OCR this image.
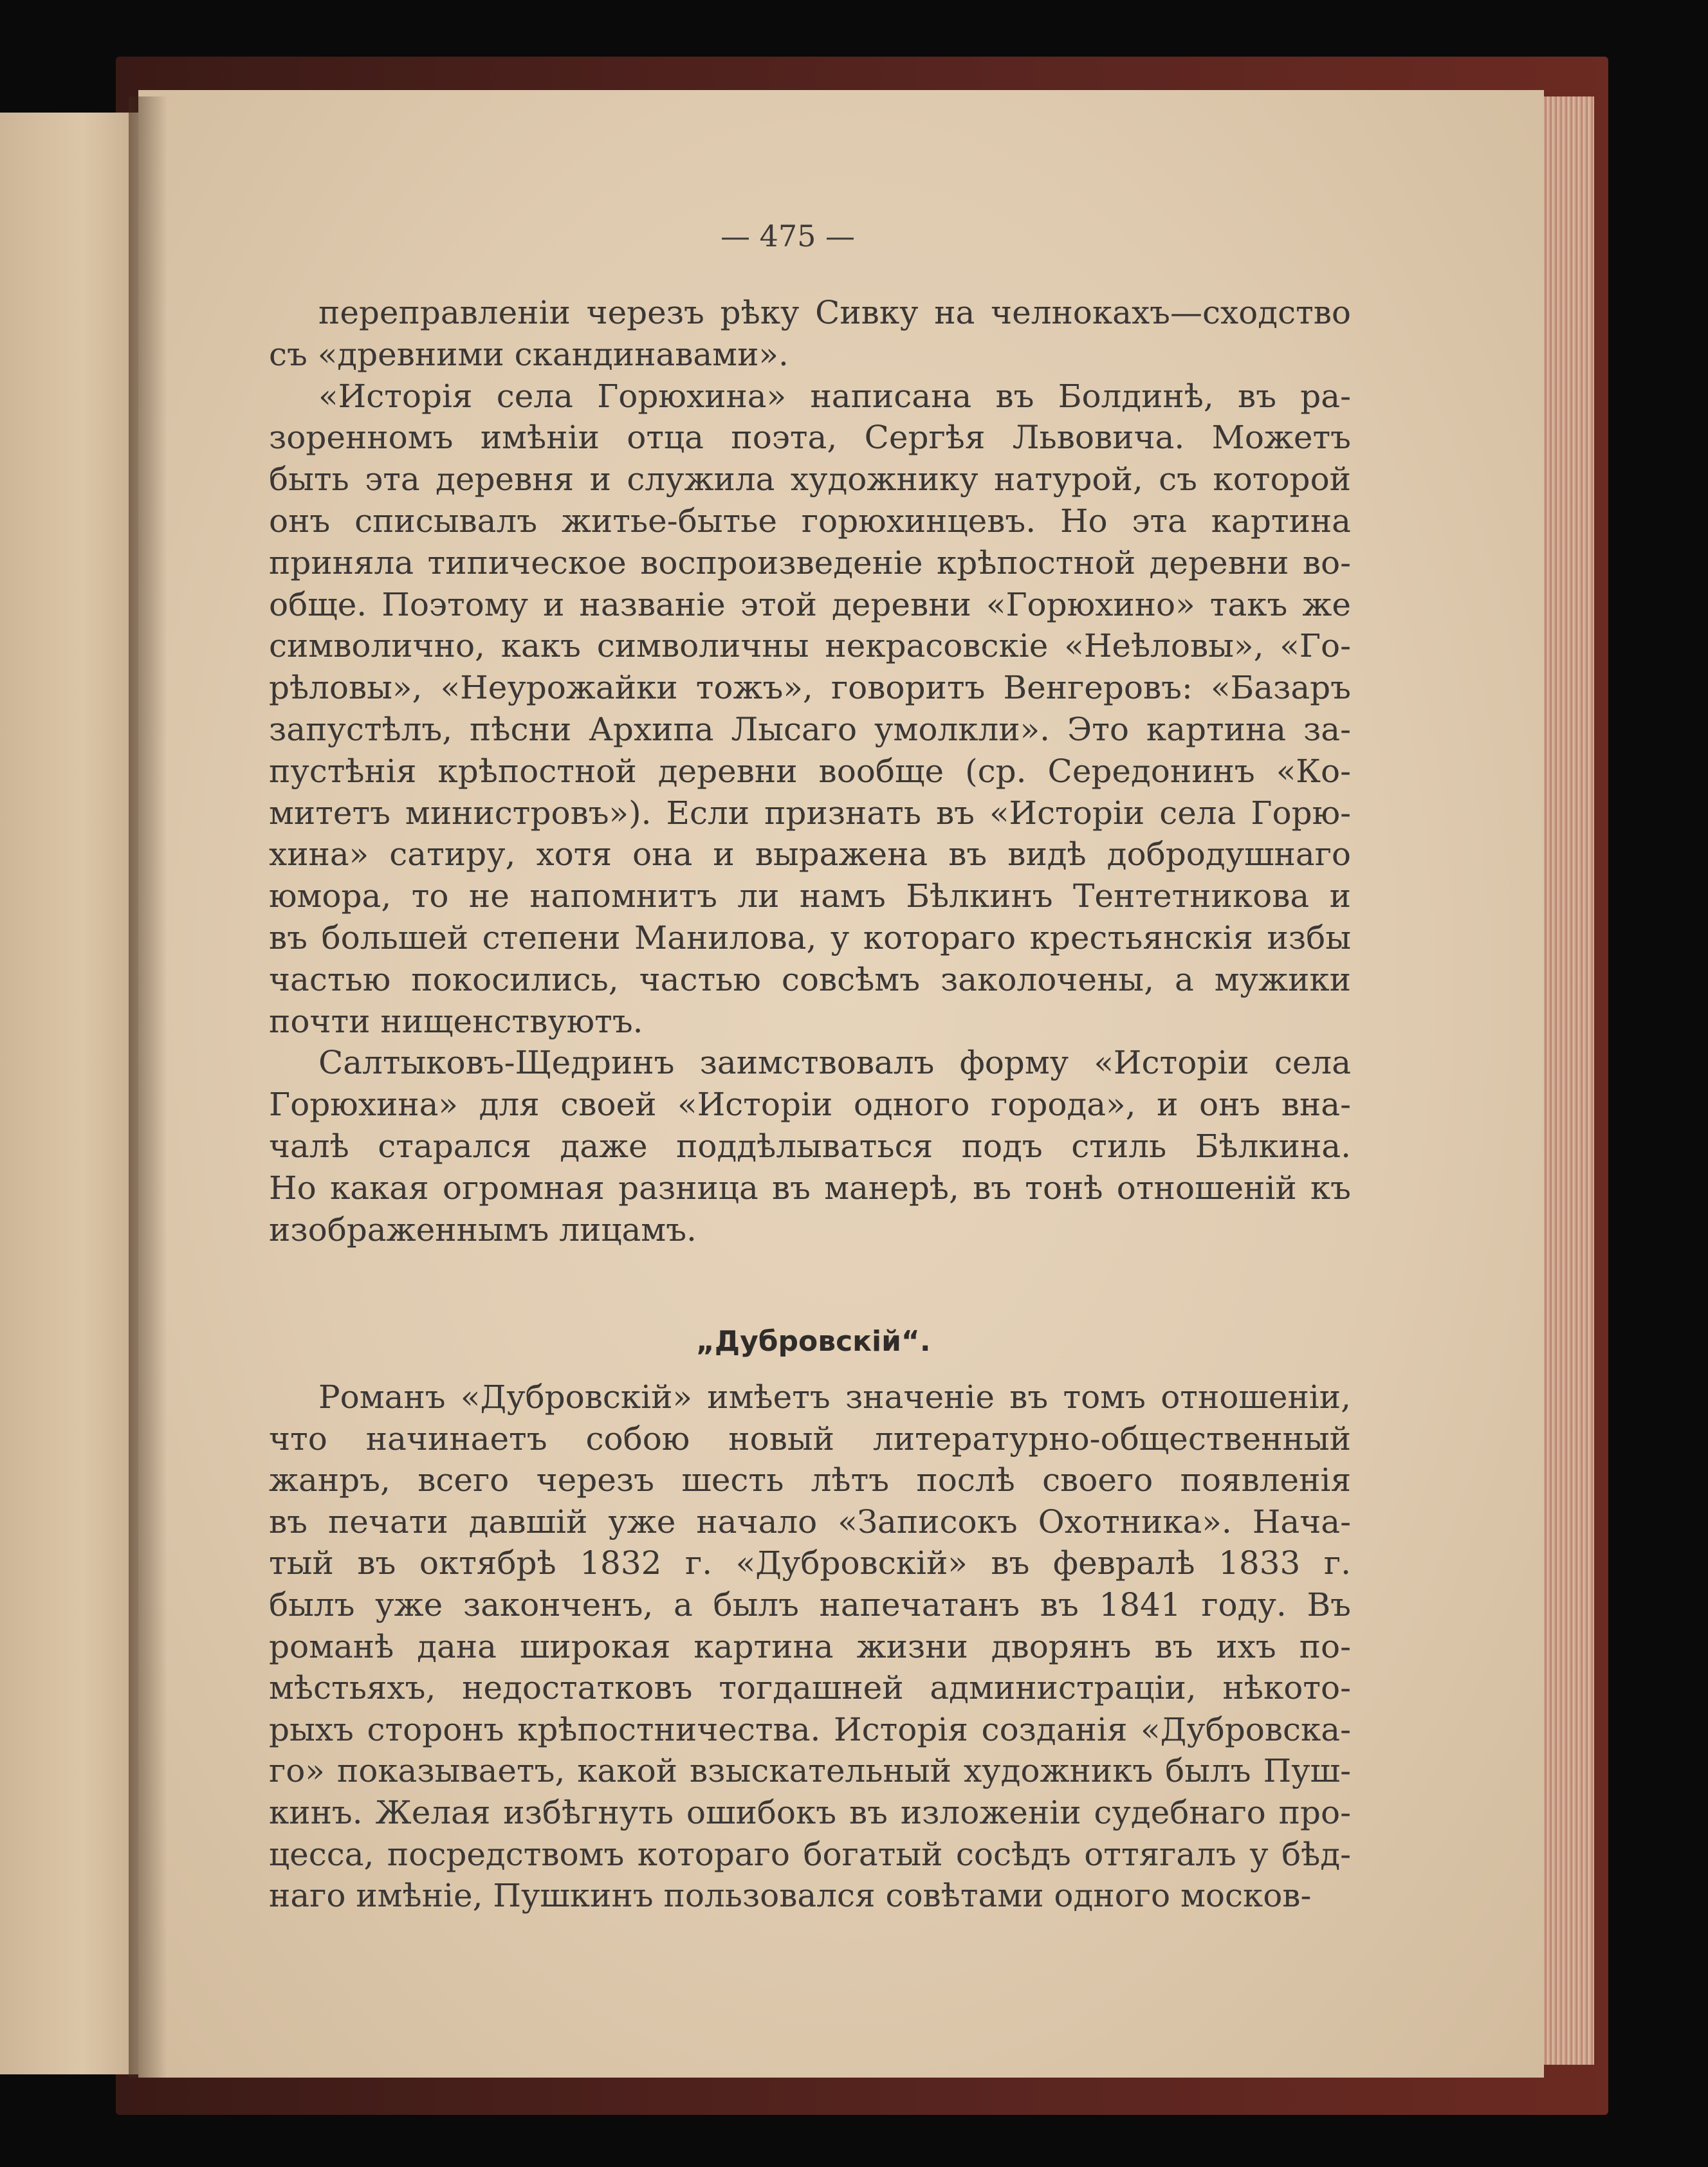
— 475 —
перепpавленiи черезъ рѣку Сивку на челнокахъ—сходство
съ «древними скандинавами».
«Исторiя села Горюхина» написана въ Болдинѣ, въ ра-
зоренномъ имѣнiи отца поэта, Сергѣя Львовича. Можетъ
быть эта деревня и служила художнику натурой, съ которой
онъ списывалъ житье-бытье горюхинцевъ. Но эта картина
приняла типическое воспроизведенiе крѣпостной деревни во-
обще. Поэтому и названiе этой деревни «Горюхино» такъ же
символично, какъ символичны некрасовскiе «Неѣловы», «Го-
рѣловы», «Неурожайки тожъ», говоритъ Венгеровъ: «Базаръ
запустѣлъ, пѣсни Архипа Лысаго умолкли». Это картина за-
пустѣнiя крѣпостной деревни вообще (ср. Середонинъ «Ко-
митетъ министровъ»). Если признать въ «Исторiи села Горю-
хина» сатиру, хотя она и выражена въ видѣ добродушнаго
юмора, то не напомнитъ ли намъ Бѣлкинъ Тентетникова и
въ большей степени Манилова, у котораго крестьянскiя избы
частью покосились, частью совсѣмъ заколочены, а мужики
почти нищенствуютъ.
Салтыковъ-Щедринъ заимствовалъ форму «Исторiи села
Горюхина» для своей «Исторiи одного города», и онъ вна-
чалѣ старался даже поддѣлываться подъ стиль Бѣлкина.
Но какая огромная разница въ манерѣ, въ тонѣ отношенiй къ
изображеннымъ лицамъ.
„Дубровскiй“.
Романъ «Дубровскiй» имѣетъ значенiе въ томъ отношенiи,
что начинаетъ собою новый литературно-общественный
жанръ, всего черезъ шесть лѣтъ послѣ своего появленiя
въ печати давшiй уже начало «Записокъ Охотника». Нача-
тый въ октябрѣ 1832 г. «Дубровскiй» въ февралѣ 1833 г.
былъ уже законченъ, а былъ напечатанъ въ 1841 году. Въ
романѣ дана широкая картина жизни дворянъ въ ихъ по-
мѣстьяхъ, недостатковъ тогдашней администрацiи, нѣкото-
рыхъ сторонъ крѣпостничества. Исторiя созданiя «Дубровска-
го» показываетъ, какой взыскательный художникъ былъ Пуш-
кинъ. Желая избѣгнуть ошибокъ въ изложенiи судебнаго про-
цесса, посредствомъ котораго богатый сосѣдъ оттягалъ у бѣд-
наго имѣнiе, Пушкинъ пользовался совѣтами одного москов-
